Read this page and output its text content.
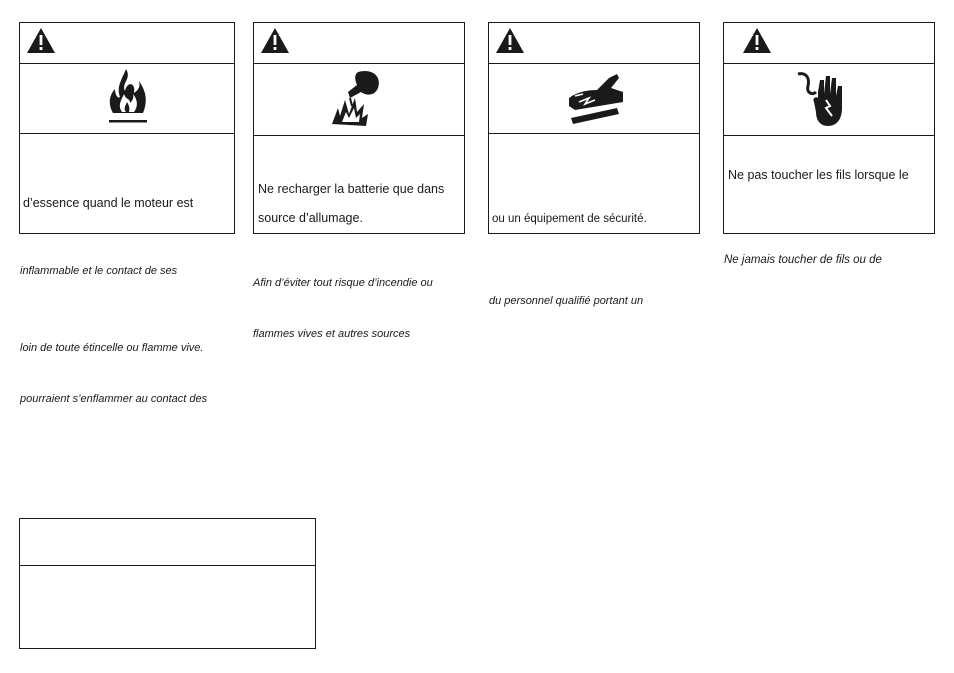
d’essence quand le moteur est
Ne recharger la batterie que dans
source d’allumage.	ou un équipement de sécurité.
Ne pas toucher les fils lorsque le
inflammable et le contact de ses
loin de toute étincelle ou flamme vive.
pourraient s’enflammer au contact des
Afin d’éviter tout risque d’incendie ou
flammes vives et autres sources
du personnel qualifié portant un
Ne jamais toucher de fils ou de
